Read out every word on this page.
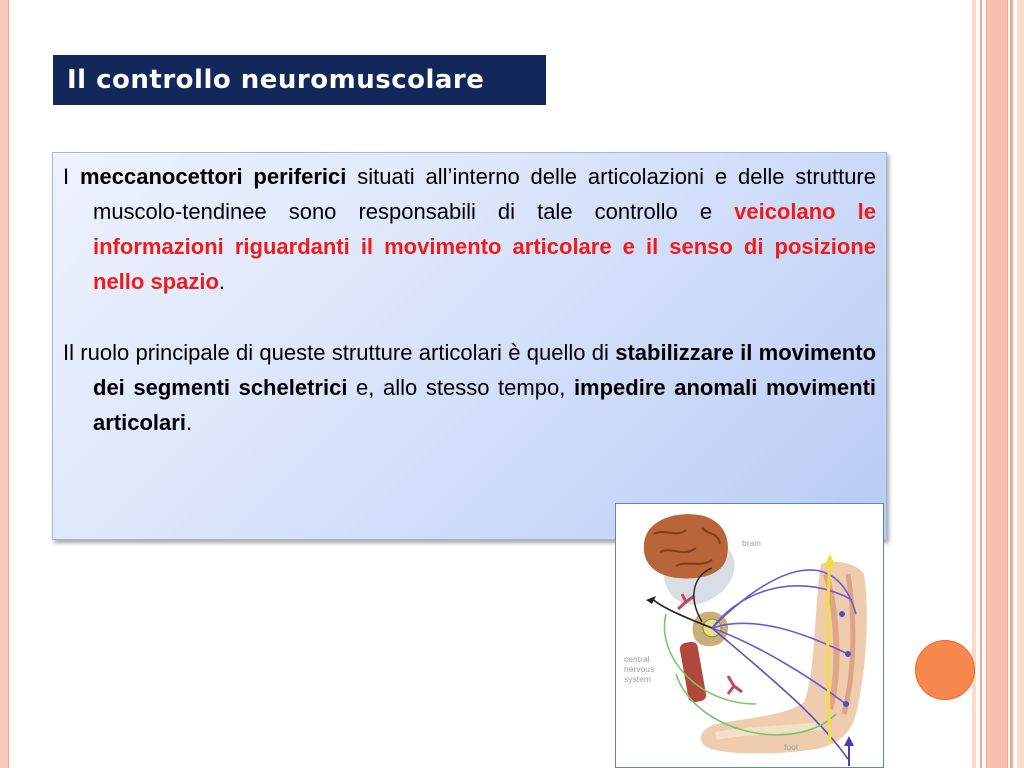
Il controllo neuromuscolare

I meccanocettori periferici situati all’interno delle articolazioni e delle strutture muscolo-tendinee sono responsabili di tale controllo e veicolano le informazioni riguardanti il movimento articolare e il senso di posizione nello spazio.

Il ruolo principale di queste strutture articolari è quello di stabilizzare il movimento dei segmenti scheletrici e, allo stesso tempo, impedire anomali movimenti articolari.

brain
central
nervous
system
foot
